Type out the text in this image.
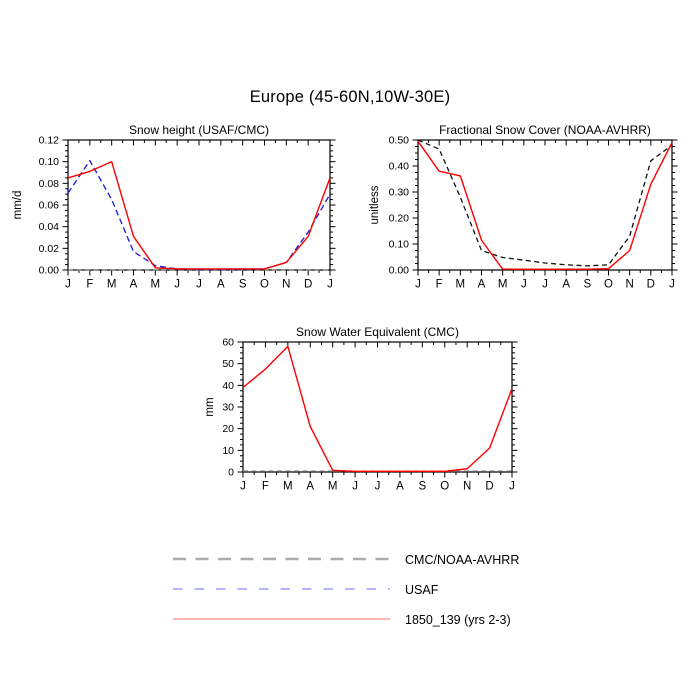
Europe (45-60N,10W-30E)
0.00
0.02
0.04
0.06
0.08
0.10
0.12
J F M A M J J A S O N D J
Snow height (USAF/CMC)
mm/d
0.00
0.10
0.20
0.30
0.40
0.50
J F M A M J J A S O N D J
Fractional Snow Cover (NOAA-AVHRR)
unitless
0
10
20
30
40
50
60
J F M A M J J A S O N D J
Snow Water Equivalent (CMC)
mm
CMC/NOAA-AVHRR
USAF
1850_139 (yrs 2-3)
